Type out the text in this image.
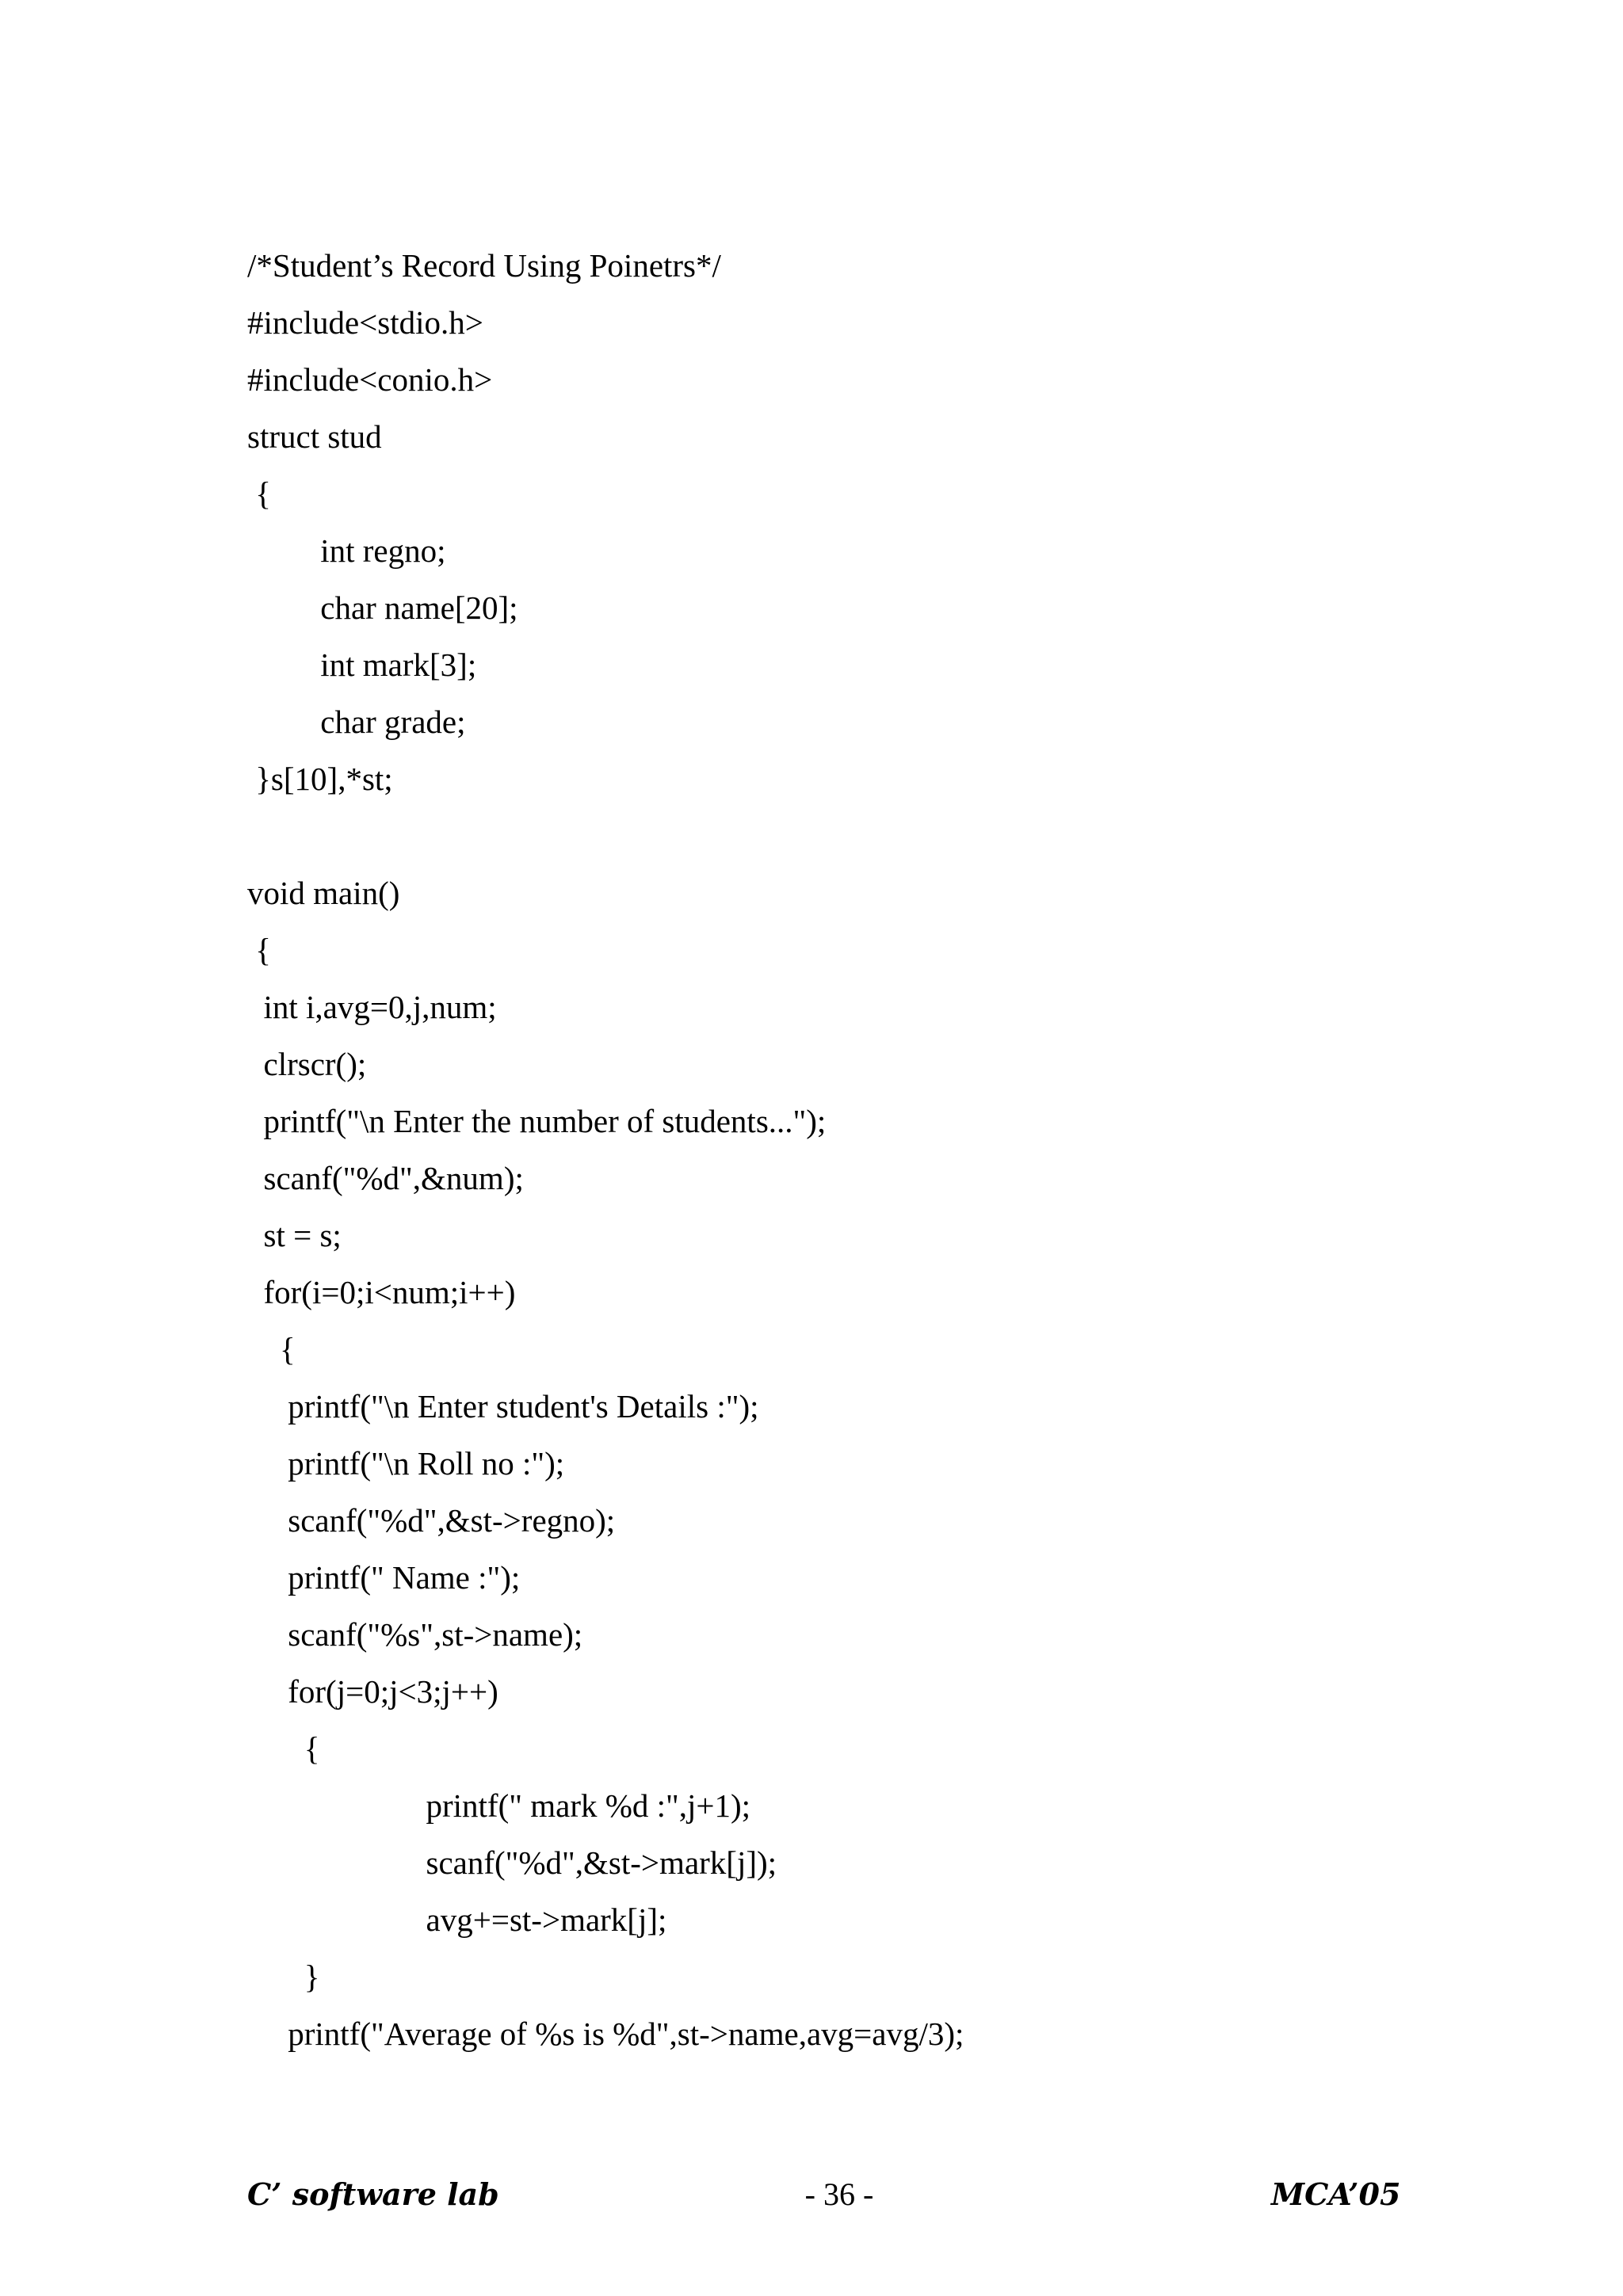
/*Student’s Record Using Poinetrs*/
#include<stdio.h>
#include<conio.h>
struct stud
{
int regno;
char name[20];
int mark[3];
char grade;
}s[10],*st;
void main()
{
int i,avg=0,j,num;
clrscr();
printf("\n Enter the number of students...");
scanf("%d",&num);
st = s;
for(i=0;i<num;i++)
{
printf("\n Enter student's Details :");
printf("\n Roll no :");
scanf("%d",&st->regno);
printf(" Name :");
scanf("%s",st->name);
for(j=0;j<3;j++)
{
printf(" mark %d :",j+1);
scanf("%d",&st->mark[j]);
avg+=st->mark[j];
}
printf("Average of %s is %d",st->name,avg=avg/3);
C’ software lab	- 36 -	MCA’05
